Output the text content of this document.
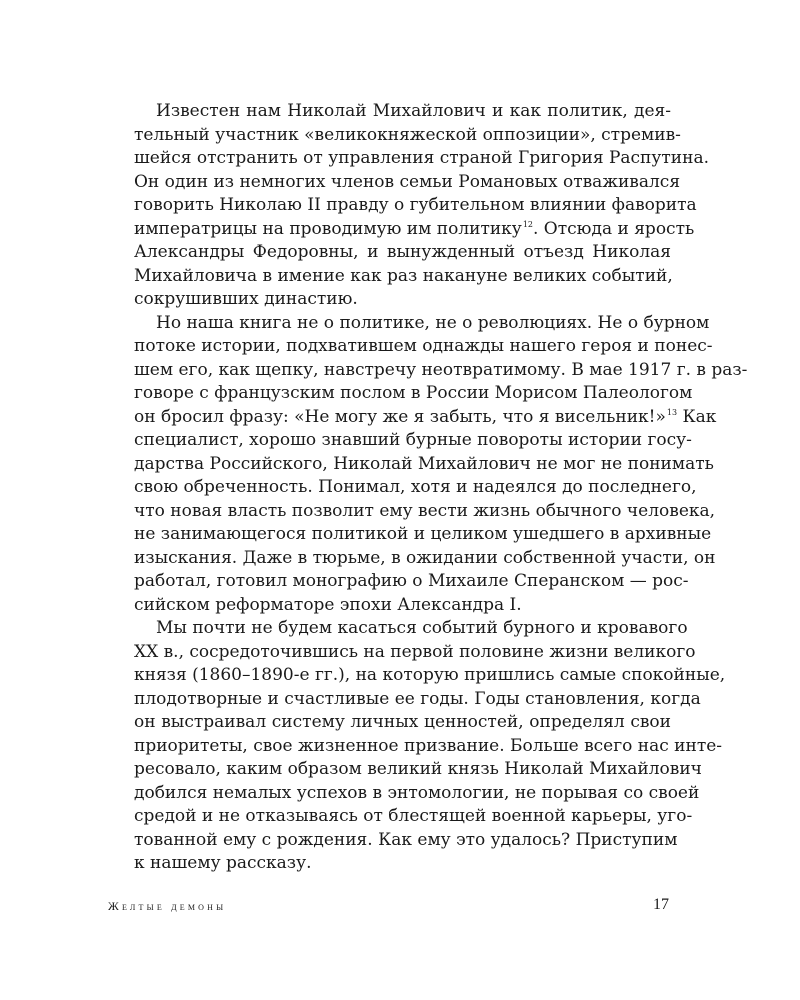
Известен нам Николай Михайлович и как политик, дея-
тельный участник «великокняжеской оппозиции», стремив-
шейся отстранить от управления страной Григория Распутина.
Он один из немногих членов семьи Романовых отваживался
говорить Николаю II правду о губительном влиянии фаворита
императрицы на проводимую им политику$^{12}$. Отсюда и ярость
Александры Федоровны, и вынужденный отъезд Николая
Михайловича в имение как раз накануне великих событий,
сокрушивших династию.
Но наша книга не о политике, не о революциях. Не о бурном
потоке истории, подхватившем однажды нашего героя и понес-
шем его, как щепку, навстречу неотвратимому. В мае 1917 г. в раз-
говоре с французским послом в России Морисом Палеологом
он бросил фразу: «Не могу же я забыть, что я висельник!»$^{13}$ Как
специалист, хорошо знавший бурные повороты истории госу-
дарства Российского, Николай Михайлович не мог не понимать
свою обреченность. Понимал, хотя и надеялся до последнего,
что новая власть позволит ему вести жизнь обычного человека,
не занимающегося политикой и целиком ушедшего в архивные
изыскания. Даже в тюрьме, в ожидании собственной участи, он
работал, готовил монографию о Михаиле Сперанском — рос-
сийском реформаторе эпохи Александра I.
Мы почти не будем касаться событий бурного и кровавого
XX в., сосредоточившись на первой половине жизни великого
князя (1860–1890-е гг.), на которую пришлись самые спокойные,
плодотворные и счастливые ее годы. Годы становления, когда
он выстраивал систему личных ценностей, определял свои
приоритеты, свое жизненное призвание. Больше всего нас инте-
ресовало, каким образом великий князь Николай Михайлович
добился немалых успехов в энтомологии, не порывая со своей
средой и не отказываясь от блестящей военной карьеры, уго-
тованной ему с рождения. Как ему это удалось? Приступим
к нашему рассказу.
Желтые демоны	17
